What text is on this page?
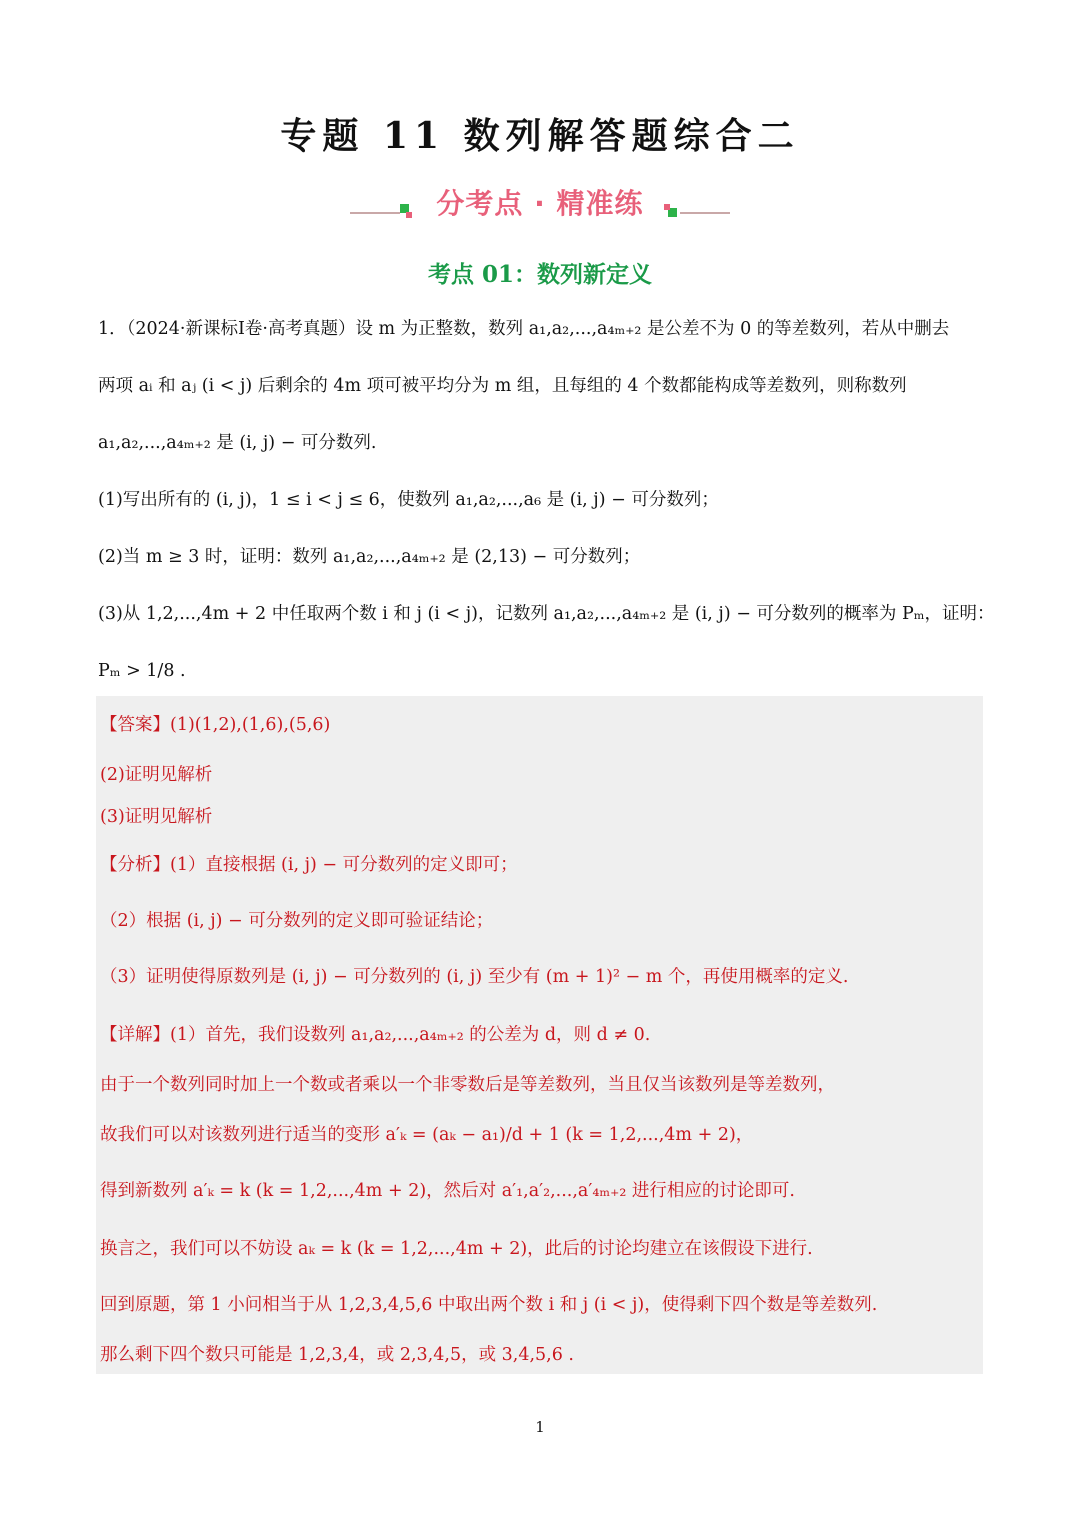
专题 11 数列解答题综合二
分考点 · 精准练
考点 01：数列新定义

1．（2024·新课标I卷·高考真题）设 m 为正整数，数列 a₁,a₂,...,a₄ₘ₊₂ 是公差不为 0 的等差数列，若从中删去

两项 aᵢ 和 aⱼ (i < j) 后剩余的 4m 项可被平均分为 m 组，且每组的 4 个数都能构成等差数列，则称数列

a₁,a₂,...,a₄ₘ₊₂ 是 (i, j) − 可分数列.

(1)写出所有的 (i, j)，1 ≤ i < j ≤ 6，使数列 a₁,a₂,...,a₆ 是 (i, j) − 可分数列；

(2)当 m ≥ 3 时，证明：数列 a₁,a₂,...,a₄ₘ₊₂ 是 (2,13) − 可分数列；

(3)从 1,2,...,4m + 2 中任取两个数 i 和 j (i < j)，记数列 a₁,a₂,...,a₄ₘ₊₂ 是 (i, j) − 可分数列的概率为 Pₘ，证明：

Pₘ > 1/8 .

【答案】(1)(1,2),(1,6),(5,6)

(2)证明见解析

(3)证明见解析

【分析】(1）直接根据 (i, j) − 可分数列的定义即可；

（2）根据 (i, j) − 可分数列的定义即可验证结论；

（3）证明使得原数列是 (i, j) − 可分数列的 (i, j) 至少有 (m + 1)² − m 个，再使用概率的定义.

【详解】(1）首先，我们设数列 a₁,a₂,...,a₄ₘ₊₂ 的公差为 d，则 d ≠ 0.

由于一个数列同时加上一个数或者乘以一个非零数后是等差数列，当且仅当该数列是等差数列，

故我们可以对该数列进行适当的变形 a′ₖ = (aₖ − a₁)/d + 1 (k = 1,2,...,4m + 2)，

得到新数列 a′ₖ = k (k = 1,2,...,4m + 2)，然后对 a′₁,a′₂,...,a′₄ₘ₊₂ 进行相应的讨论即可.

换言之，我们可以不妨设 aₖ = k (k = 1,2,...,4m + 2)，此后的讨论均建立在该假设下进行.

回到原题，第 1 小问相当于从 1,2,3,4,5,6 中取出两个数 i 和 j (i < j)，使得剩下四个数是等差数列.

那么剩下四个数只可能是 1,2,3,4，或 2,3,4,5，或 3,4,5,6 .

1
